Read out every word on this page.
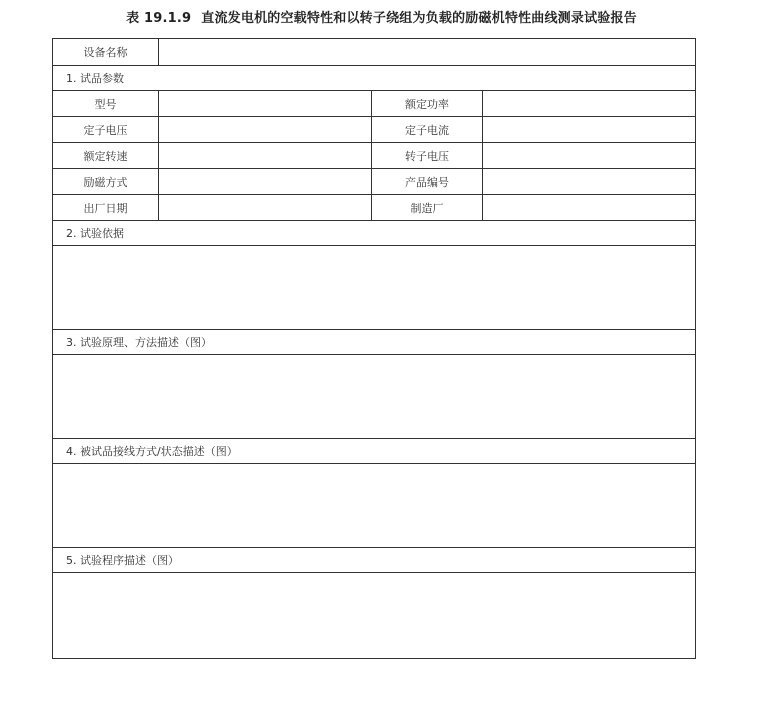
表 19.1.9 直流发电机的空载特性和以转子绕组为负载的励磁机特性曲线测录试验报告
设备名称			
1. 试品参数			
型号		额定功率	
定子电压		定子电流	
额定转速		转子电压	
励磁方式		产品编号	
出厂日期		制造厂	
2. 试验依据			

3. 试验原理、方法描述（图）			

4. 被试品接线方式/状态描述（图）			

5. 试验程序描述（图）			
